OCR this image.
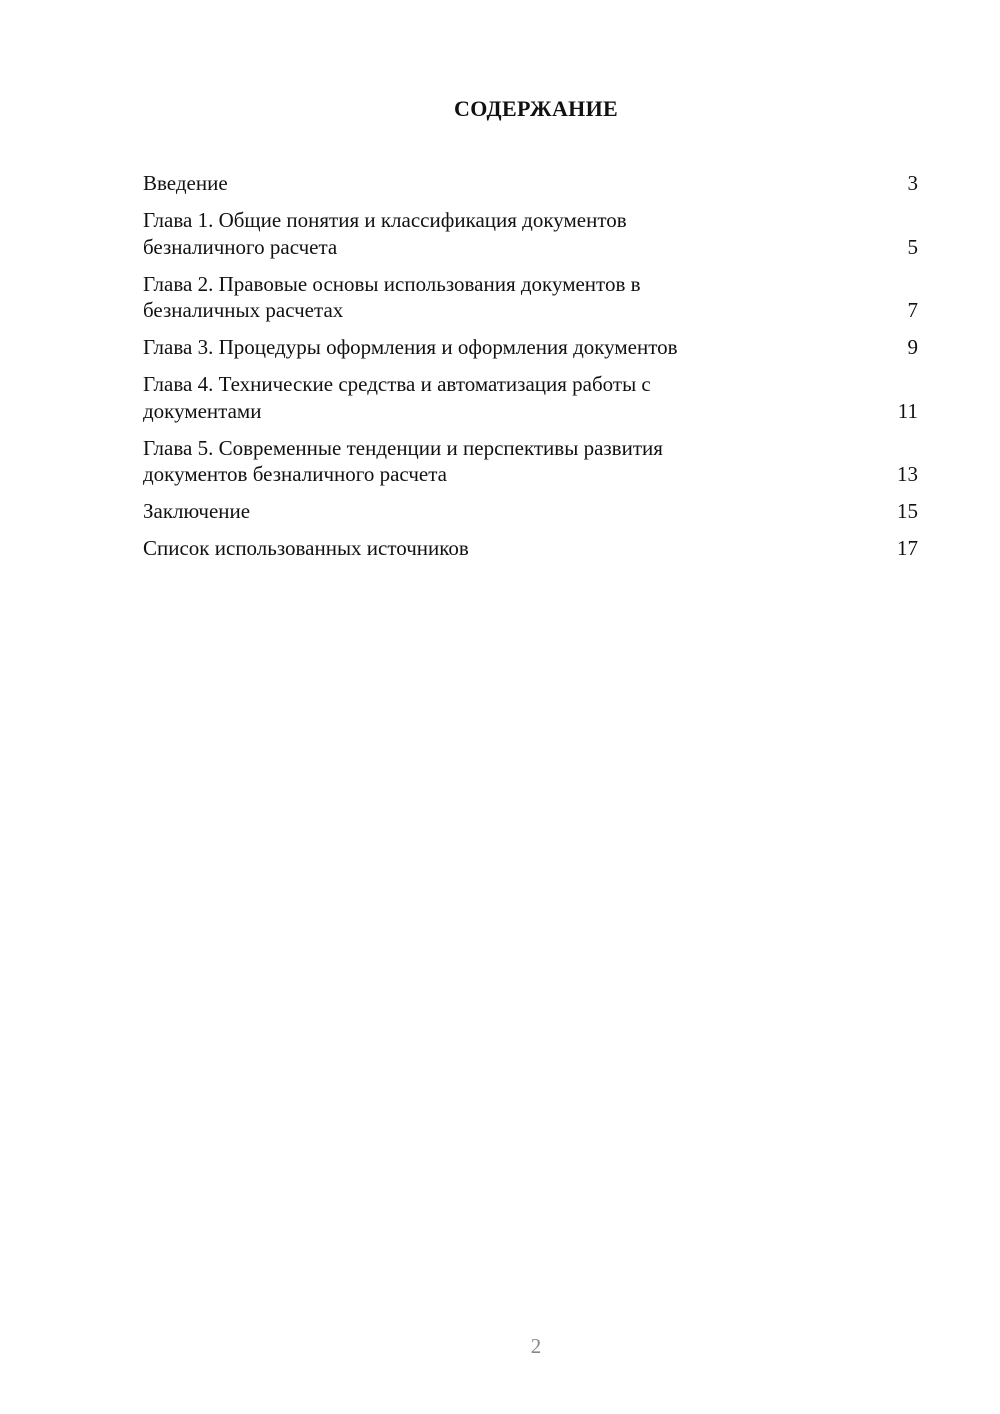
СОДЕРЖАНИЕ
Введение	3
Глава 1. Общие понятия и классификация документов
безналичного расчета	5
Глава 2. Правовые основы использования документов в
безналичных расчетах	7
Глава 3. Процедуры оформления и оформления документов	9
Глава 4. Технические средства и автоматизация работы с
документами	11
Глава 5. Современные тенденции и перспективы развития
документов безналичного расчета	13
Заключение	15
Список использованных источников	17
2
